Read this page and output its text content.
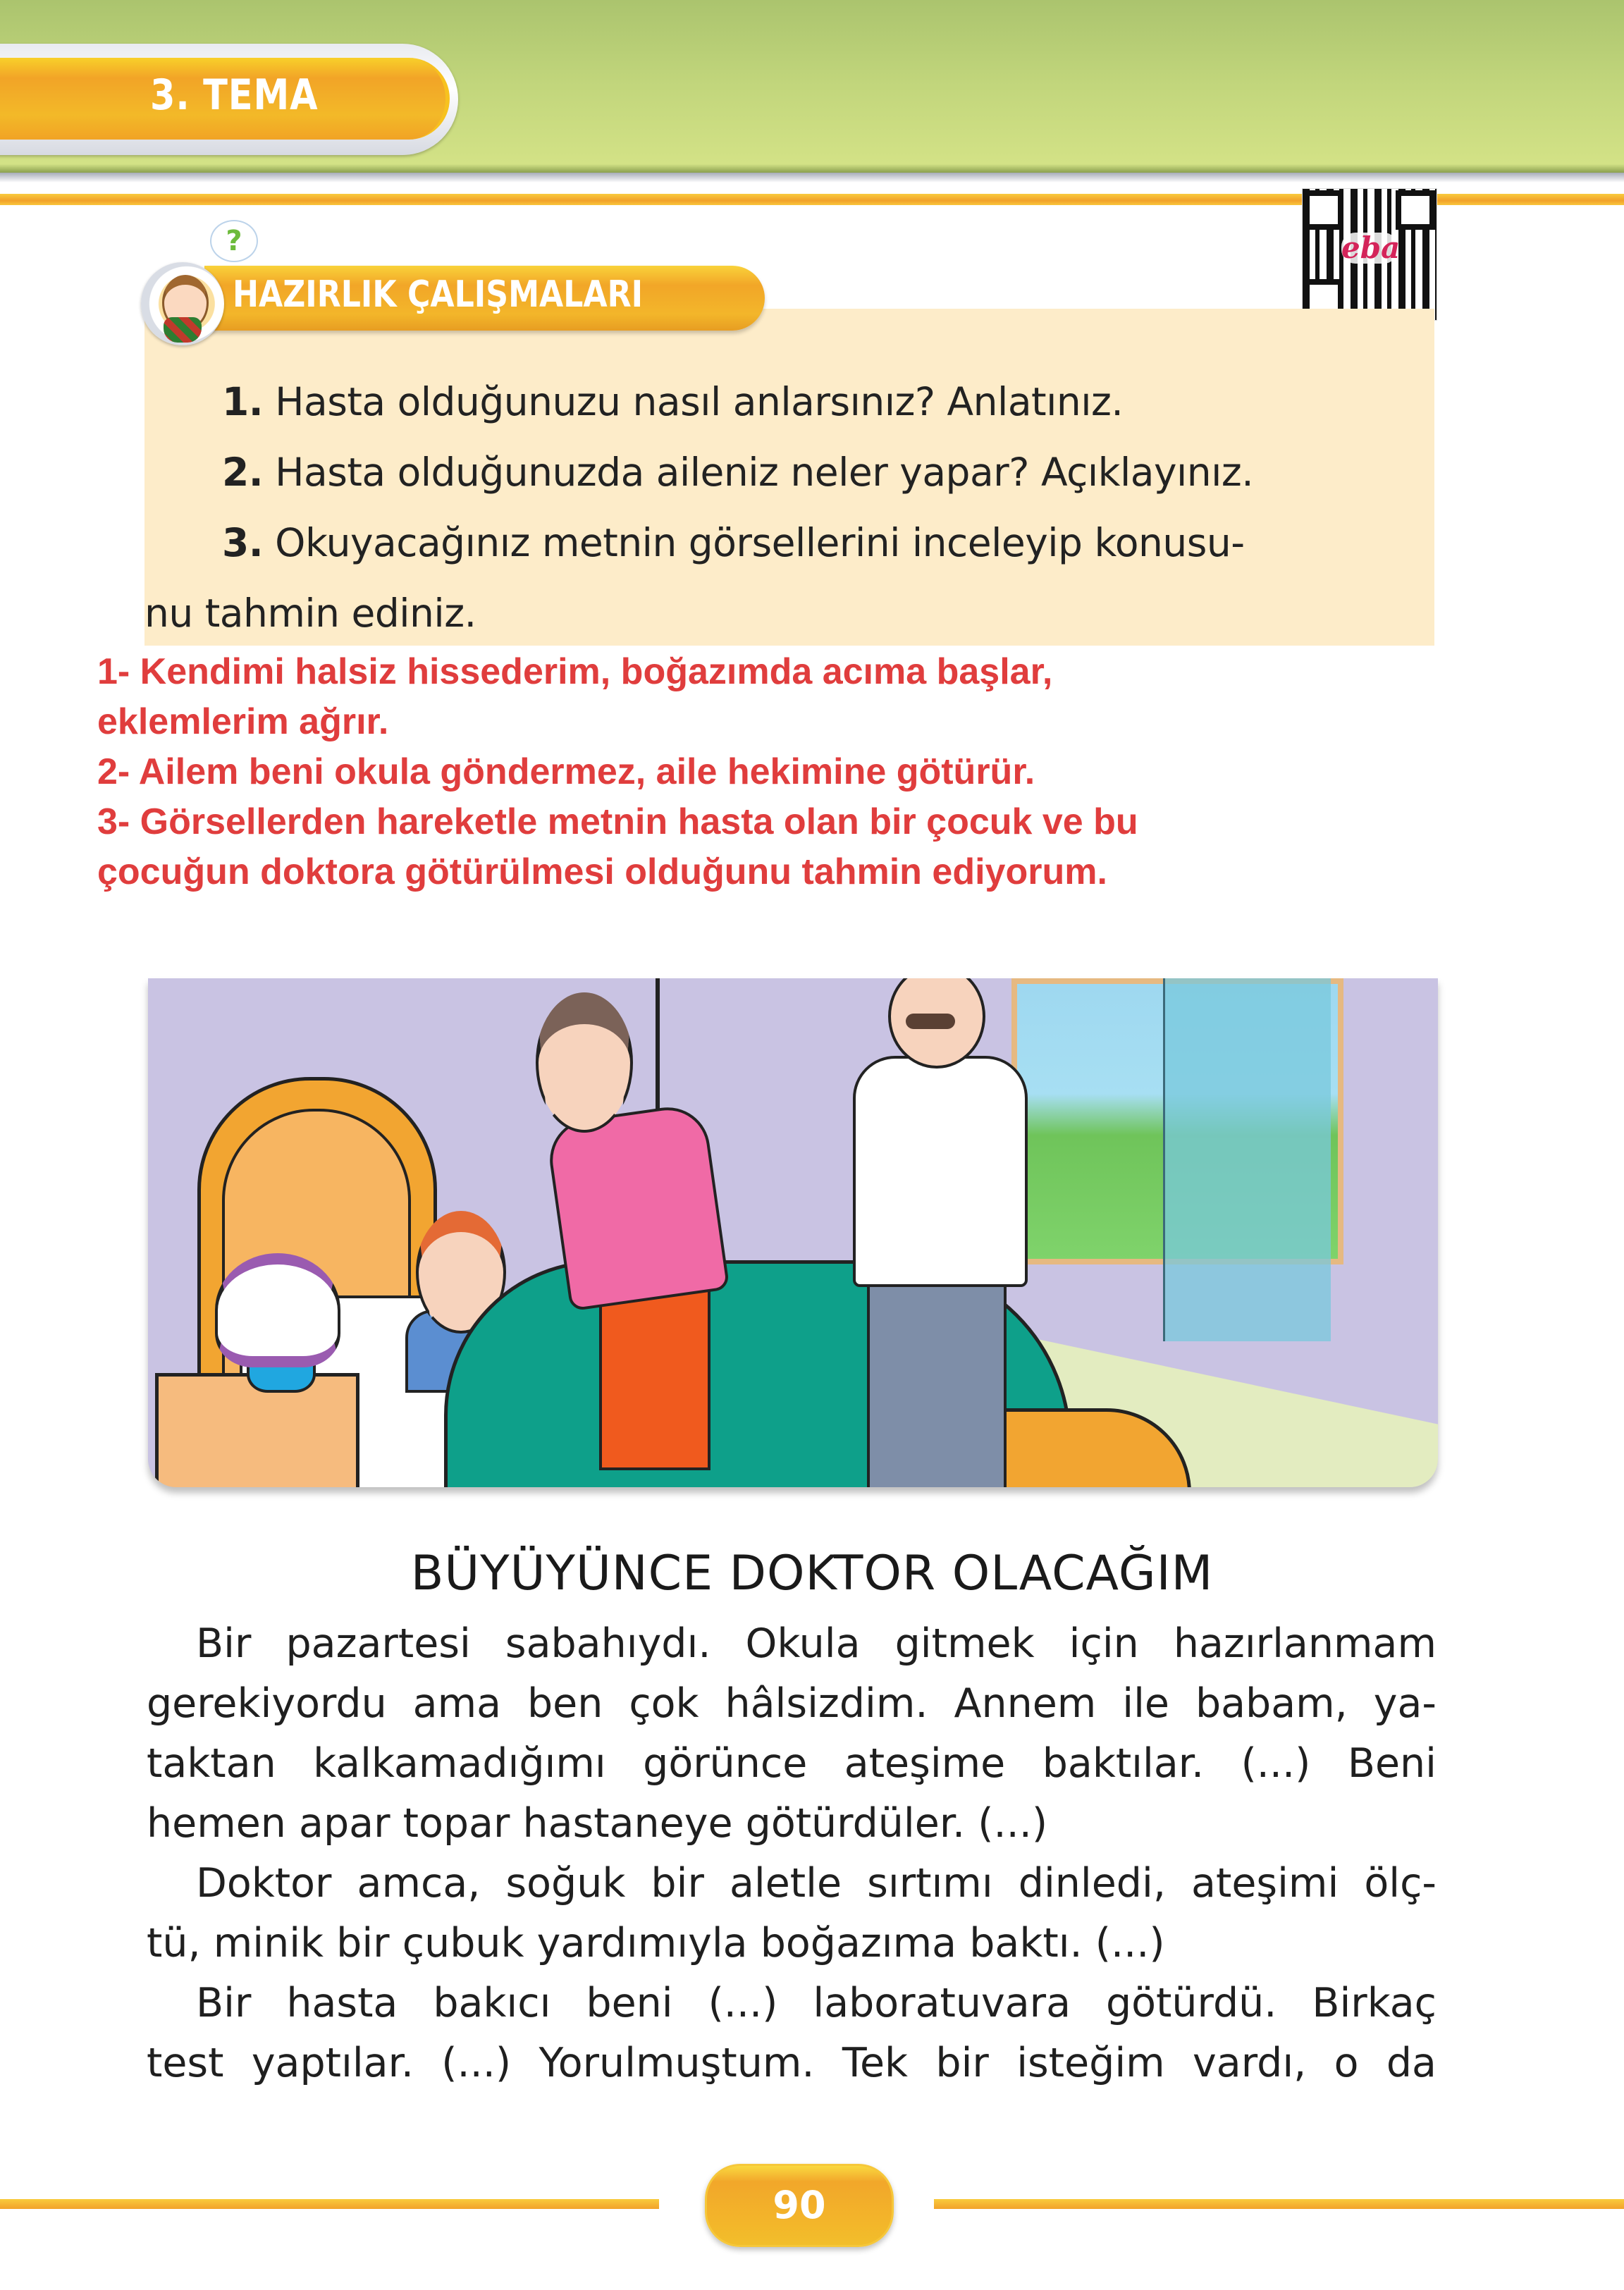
3. TEMA
eba
HAZIRLIK ÇALIŞMALARI
?
1. Hasta olduğunuzu nasıl anlarsınız? Anlatınız.
2. Hasta olduğunuzda aileniz neler yapar? Açıklayınız.
3. Okuyacağınız metnin görsellerini inceleyip konusu-
nu tahmin ediniz.
1- Kendimi halsiz hissederim, boğazımda acıma başlar,
eklemlerim ağrır.
2- Ailem beni okula göndermez, aile hekimine götürür.
3- Görsellerden hareketle metnin hasta olan bir çocuk ve bu
çocuğun doktora götürülmesi olduğunu tahmin ediyorum.
BÜYÜYÜNCE DOKTOR OLACAĞIM
Bir pazartesi sabahıydı. Okula gitmek için hazırlanmam
gerekiyordu ama ben çok hâlsizdim. Annem ile babam, ya-
taktan kalkamadığımı görünce ateşime baktılar. (...) Beni
hemen apar topar hastaneye götürdüler. (...)
Doktor amca, soğuk bir aletle sırtımı dinledi, ateşimi ölç-
tü, minik bir çubuk yardımıyla boğazıma baktı. (...)
Bir hasta bakıcı beni (...) laboratuvara götürdü. Birkaç
test yaptılar. (...) Yorulmuştum. Tek bir isteğim vardı, o da
90
